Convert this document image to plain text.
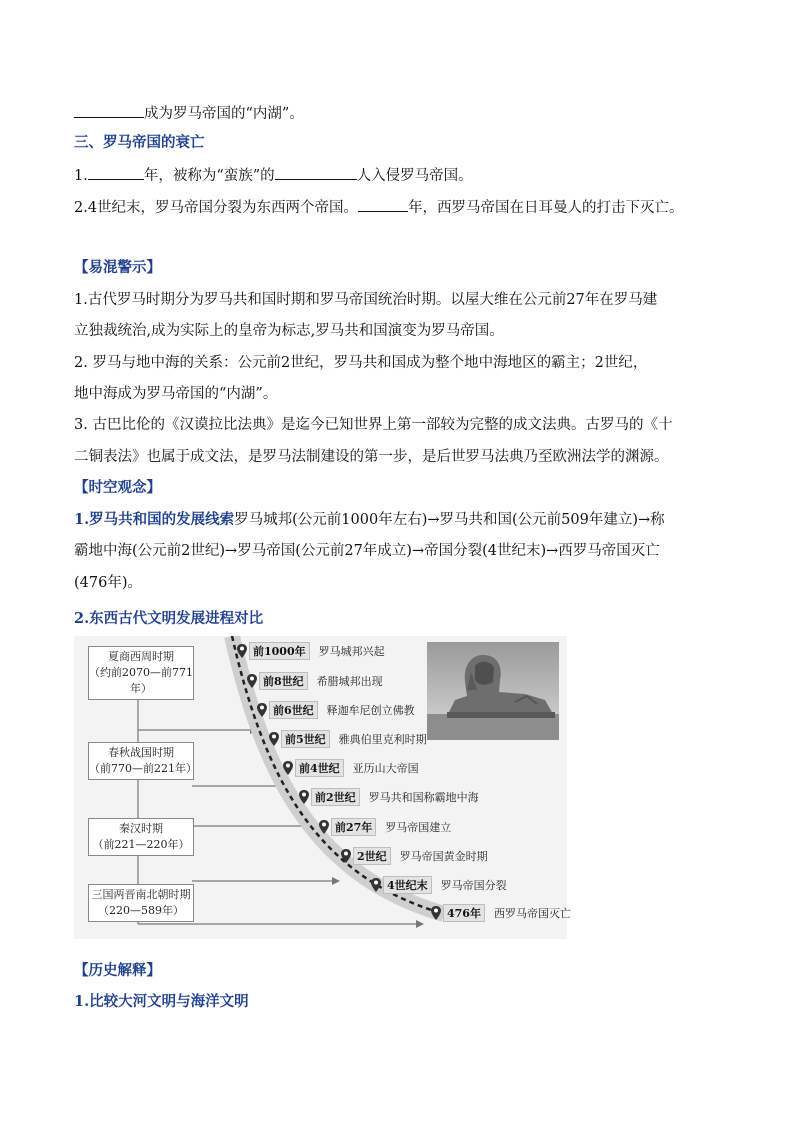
成为罗马帝国的“内湖”。
三、罗马帝国的衰亡
1.	年，被称为“蛮族”的	人入侵罗马帝国。
2.4世纪末，罗马帝国分裂为东西两个帝国。	年，西罗马帝国在日耳曼人的打击下灭亡。
【易混警示】
1.古代罗马时期分为罗马共和国时期和罗马帝国统治时期。以屋大维在公元前27年在罗马建
立独裁统治,成为实际上的皇帝为标志,罗马共和国演变为罗马帝国。
2. 罗马与地中海的关系：公元前2世纪，罗马共和国成为整个地中海地区的霸主；2世纪，
地中海成为罗马帝国的“内湖”。
3. 古巴比伦的《汉谟拉比法典》是迄今已知世界上第一部较为完整的成文法典。古罗马的《十
二铜表法》也属于成文法，是罗马法制建设的第一步，是后世罗马法典乃至欧洲法学的渊源。
【时空观念】
1.罗马共和国的发展线索罗马城邦(公元前1000年左右)→罗马共和国(公元前509年建立)→称
霸地中海(公元前2世纪)→罗马帝国(公元前27年成立)→帝国分裂(4世纪末)→西罗马帝国灭亡
(476年)。
2.东西古代文明发展进程对比
夏商西周时期
（约前2070—前771年）
春秋战国时期
（前770—前221年）
秦汉时期
（前221—220年）
三国两晋南北朝时期
（220—589年）
前1000年	罗马城邦兴起
前8世纪	希腊城邦出现
前6世纪	释迦牟尼创立佛教
前5世纪	雅典伯里克利时期
前4世纪	亚历山大帝国
前2世纪	罗马共和国称霸地中海
前27年	罗马帝国建立
2世纪	罗马帝国黄金时期
4世纪末	罗马帝国分裂
476年	西罗马帝国灭亡
【历史解释】
1.比较大河文明与海洋文明
